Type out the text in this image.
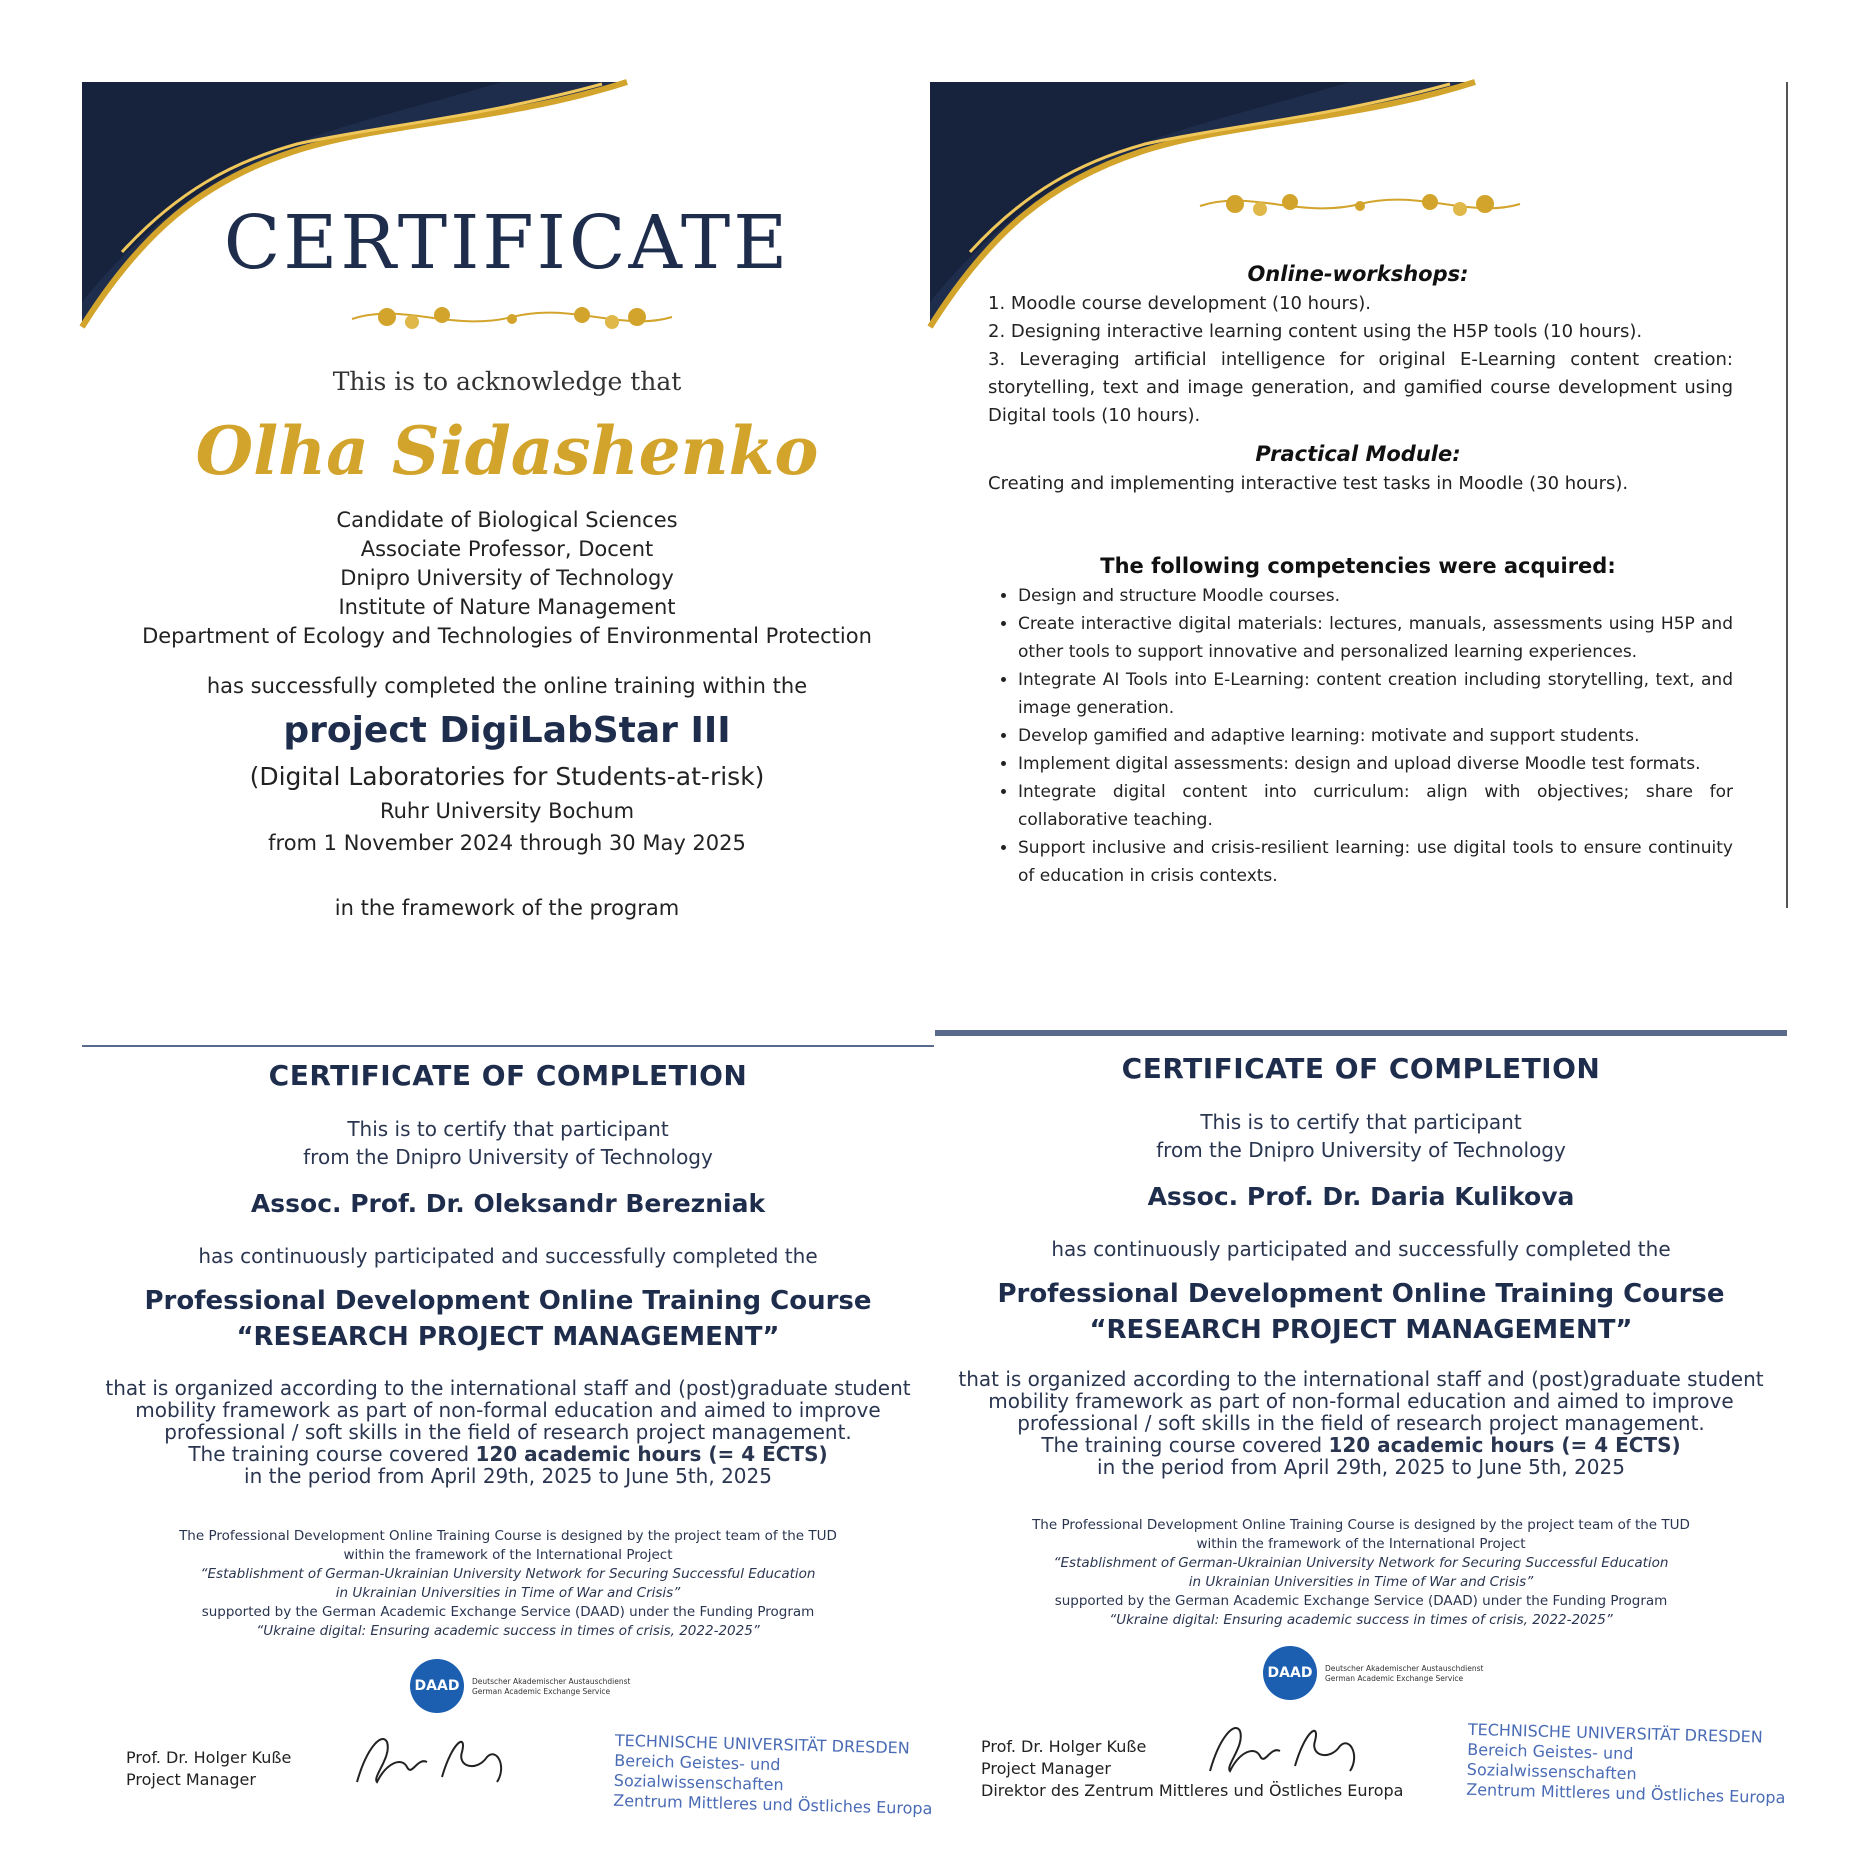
CERTIFICATE
This is to acknowledge that
Olha Sidashenko
Candidate of Biological Sciences
Associate Professor, Docent
Dnipro University of Technology
Institute of Nature Management
Department of Ecology and Technologies of Environmental Protection
has successfully completed the online training within the
project DigiLabStar III
(Digital Laboratories for Students-at-risk)
Ruhr University Bochum
from 1 November 2024 through 30 May 2025
in the framework of the program
Online-workshops:
1. Moodle course development (10 hours).
2. Designing interactive learning content using the H5P tools (10 hours).
3. Leveraging artificial intelligence for original E-Learning content creation: storytelling, text and image generation, and gamified course development using Digital tools (10 hours).
Practical Module:
Creating and implementing interactive test tasks in Moodle (30 hours).
The following competencies were acquired:
• Design and structure Moodle courses.
• Create interactive digital materials: lectures, manuals, assessments using H5P and other tools to support innovative and personalized learning experiences.
• Integrate AI Tools into E-Learning: content creation including storytelling, text, and image generation.
• Develop gamified and adaptive learning: motivate and support students.
• Implement digital assessments: design and upload diverse Moodle test formats.
• Integrate digital content into curriculum: align with objectives; share for collaborative teaching.
• Support inclusive and crisis-resilient learning: use digital tools to ensure continuity of education in crisis contexts.
CERTIFICATE OF COMPLETION
This is to certify that participant
from the Dnipro University of Technology
Assoc. Prof. Dr. Oleksandr Berezniak
has continuously participated and successfully completed the
Professional Development Online Training Course
“RESEARCH PROJECT MANAGEMENT”
that is organized according to the international staff and (post)graduate student
mobility framework as part of non-formal education and aimed to improve
professional / soft skills in the field of research project management.
The training course covered 120 academic hours (= 4 ECTS)
in the period from April 29th, 2025 to June 5th, 2025
The Professional Development Online Training Course is designed by the project team of the TUD
within the framework of the International Project
“Establishment of German-Ukrainian University Network for Securing Successful Education
in Ukrainian Universities in Time of War and Crisis”
supported by the German Academic Exchange Service (DAAD) under the Funding Program
“Ukraine digital: Ensuring academic success in times of crisis, 2022-2025”
DAAD	Deutscher Akademischer Austauschdienst
German Academic Exchange Service
Prof. Dr. Holger Kuße
Project Manager
TECHNISCHE UNIVERSITÄT DRESDEN
Bereich Geistes- und Sozialwissenschaften
Zentrum Mittleres und Östliches Europa
CERTIFICATE OF COMPLETION
This is to certify that participant
from the Dnipro University of Technology
Assoc. Prof. Dr. Daria Kulikova
has continuously participated and successfully completed the
Professional Development Online Training Course
“RESEARCH PROJECT MANAGEMENT”
that is organized according to the international staff and (post)graduate student
mobility framework as part of non-formal education and aimed to improve
professional / soft skills in the field of research project management.
The training course covered 120 academic hours (= 4 ECTS)
in the period from April 29th, 2025 to June 5th, 2025
The Professional Development Online Training Course is designed by the project team of the TUD
within the framework of the International Project
“Establishment of German-Ukrainian University Network for Securing Successful Education
in Ukrainian Universities in Time of War and Crisis”
supported by the German Academic Exchange Service (DAAD) under the Funding Program
“Ukraine digital: Ensuring academic success in times of crisis, 2022-2025”
DAAD	Deutscher Akademischer Austauschdienst
German Academic Exchange Service
Prof. Dr. Holger Kuße
Project Manager
Direktor des Zentrum Mittleres und Östliches Europa
TECHNISCHE UNIVERSITÄT DRESDEN
Bereich Geistes- und Sozialwissenschaften
Zentrum Mittleres und Östliches Europa
